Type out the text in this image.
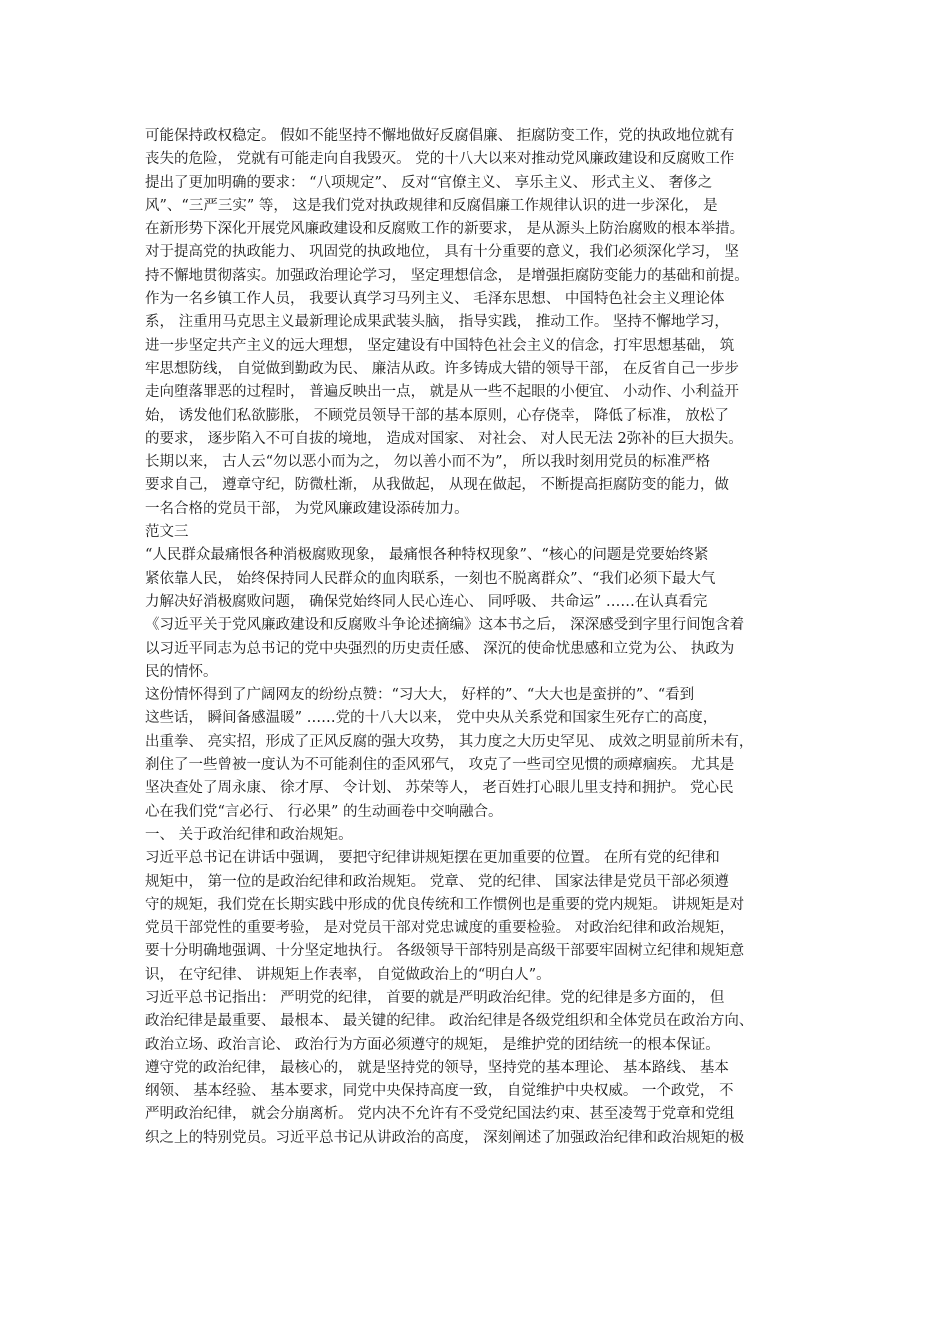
可能保持政权稳定。 假如不能坚持不懈地做好反腐倡廉、 拒腐防变工作，党的执政地位就有
丧失的危险， 党就有可能走向自我毁灭。 党的十八大以来对推动党风廉政建设和反腐败工作
提出了更加明确的要求： “八项规定”、 反对“官僚主义、 享乐主义、 形式主义、 奢侈之
风”、“三严三实” 等， 这是我们党对执政规律和反腐倡廉工作规律认识的进一步深化， 是
在新形势下深化开展党风廉政建设和反腐败工作的新要求， 是从源头上防治腐败的根本举措。
对于提高党的执政能力、 巩固党的执政地位， 具有十分重要的意义，我们必须深化学习， 坚
持不懈地贯彻落实。加强政治理论学习， 坚定理想信念， 是增强拒腐防变能力的基础和前提。
作为一名乡镇工作人员， 我要认真学习马列主义、 毛泽东思想、 中国特色社会主义理论体
系， 注重用马克思主义最新理论成果武装头脑， 指导实践， 推动工作。 坚持不懈地学习，
进一步坚定共产主义的远大理想， 坚定建设有中国特色社会主义的信念，打牢思想基础， 筑
牢思想防线， 自觉做到勤政为民、 廉洁从政。许多铸成大错的领导干部， 在反省自己一步步
走向堕落罪恶的过程时， 普遍反映出一点， 就是从一些不起眼的小便宜、 小动作、小利益开
始， 诱发他们私欲膨胀， 不顾党员领导干部的基本原则，心存侥幸， 降低了标准， 放松了
的要求， 逐步陷入不可自拔的境地， 造成对国家、 对社会、 对人民无法 2弥补的巨大损失。
长期以来， 古人云“勿以恶小而为之， 勿以善小而不为”， 所以我时刻用党员的标准严格
要求自己， 遵章守纪，防微杜渐， 从我做起， 从现在做起， 不断提高拒腐防变的能力，做
一名合格的党员干部， 为党风廉政建设添砖加力。
范文三
“人民群众最痛恨各种消极腐败现象， 最痛恨各种特权现象”、“核心的问题是党要始终紧
紧依靠人民， 始终保持同人民群众的血肉联系，一刻也不脱离群众”、“我们必须下最大气
力解决好消极腐败问题， 确保党始终同人民心连心、 同呼吸、 共命运” ……在认真看完
《习近平关于党风廉政建设和反腐败斗争论述摘编》这本书之后， 深深感受到字里行间饱含着
以习近平同志为总书记的党中央强烈的历史责任感、 深沉的使命忧患感和立党为公、 执政为
民的情怀。
这份情怀得到了广阔网友的纷纷点赞：“习大大， 好样的”、“大大也是蛮拼的”、“看到
这些话， 瞬间备感温暖” ……党的十八大以来， 党中央从关系党和国家生死存亡的高度，
出重拳、 亮实招，形成了正风反腐的强大攻势， 其力度之大历史罕见、 成效之明显前所未有，
刹住了一些曾被一度认为不可能刹住的歪风邪气， 攻克了一些司空见惯的顽瘴痼疾。 尤其是
坚决查处了周永康、 徐才厚、 令计划、 苏荣等人， 老百姓打心眼儿里支持和拥护。 党心民
心在我们党“言必行、 行必果” 的生动画卷中交响融合。
一、 关于政治纪律和政治规矩。
习近平总书记在讲话中强调， 要把守纪律讲规矩摆在更加重要的位置。 在所有党的纪律和
规矩中， 第一位的是政治纪律和政治规矩。 党章、 党的纪律、 国家法律是党员干部必须遵
守的规矩，我们党在长期实践中形成的优良传统和工作惯例也是重要的党内规矩。 讲规矩是对
党员干部党性的重要考验， 是对党员干部对党忠诚度的重要检验。 对政治纪律和政治规矩，
要十分明确地强调、十分坚定地执行。 各级领导干部特别是高级干部要牢固树立纪律和规矩意
识， 在守纪律、 讲规矩上作表率， 自觉做政治上的“明白人”。
习近平总书记指出： 严明党的纪律， 首要的就是严明政治纪律。党的纪律是多方面的， 但
政治纪律是最重要、 最根本、 最关键的纪律。 政治纪律是各级党组织和全体党员在政治方向、
政治立场、政治言论、 政治行为方面必须遵守的规矩， 是维护党的团结统一的根本保证。
遵守党的政治纪律， 最核心的， 就是坚持党的领导，坚持党的基本理论、 基本路线、 基本
纲领、 基本经验、 基本要求，同党中央保持高度一致， 自觉维护中央权威。 一个政党， 不
严明政治纪律， 就会分崩离析。 党内决不允许有不受党纪国法约束、甚至凌驾于党章和党组
织之上的特别党员。习近平总书记从讲政治的高度， 深刻阐述了加强政治纪律和政治规矩的极
